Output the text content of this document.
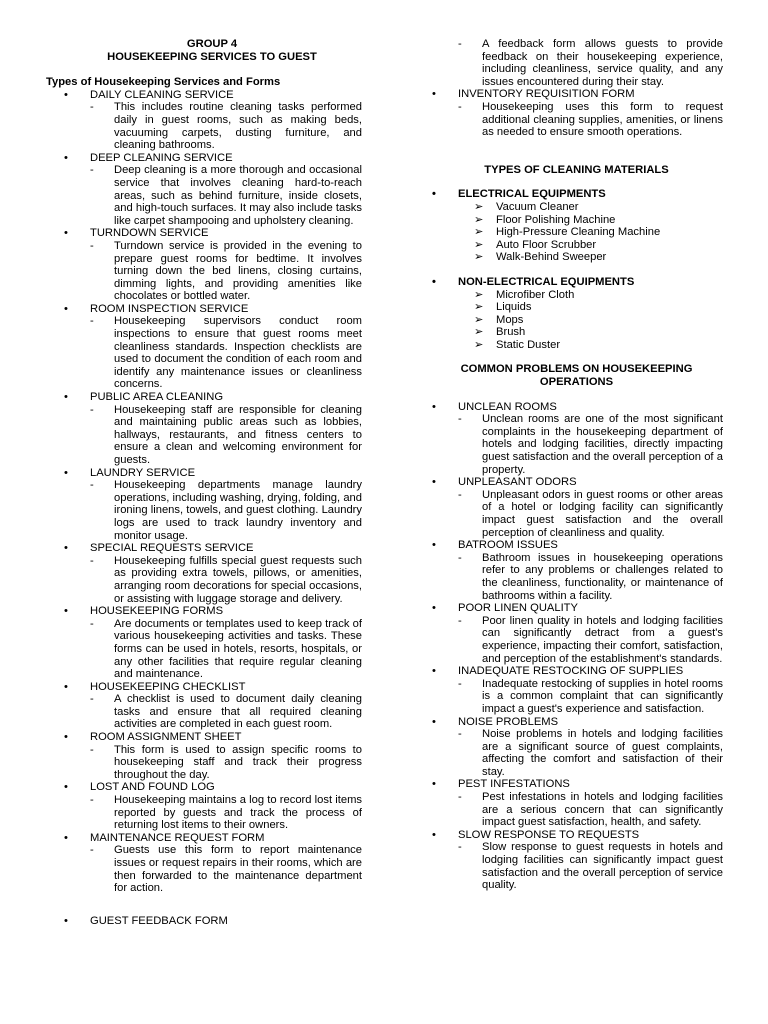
GROUP 4

HOUSEKEEPING SERVICES TO GUEST

Types of Housekeeping Services and Forms

• DAILY CLEANING SERVICE
- This includes routine cleaning tasks performed daily in guest rooms, such as making beds, vacuuming carpets, dusting furniture, and cleaning bathrooms.
• DEEP CLEANING SERVICE
- Deep cleaning is a more thorough and occasional service that involves cleaning hard-to-reach areas, such as behind furniture, inside closets, and high-touch surfaces. It may also include tasks like carpet shampooing and upholstery cleaning.
• TURNDOWN SERVICE
- Turndown service is provided in the evening to prepare guest rooms for bedtime. It involves turning down the bed linens, closing curtains, dimming lights, and providing amenities like chocolates or bottled water.
• ROOM INSPECTION SERVICE
- Housekeeping supervisors conduct room inspections to ensure that guest rooms meet cleanliness standards. Inspection checklists are used to document the condition of each room and identify any maintenance issues or cleanliness concerns.
• PUBLIC AREA CLEANING
- Housekeeping staff are responsible for cleaning and maintaining public areas such as lobbies, hallways, restaurants, and fitness centers to ensure a clean and welcoming environment for guests.
• LAUNDRY SERVICE
- Housekeeping departments manage laundry operations, including washing, drying, folding, and ironing linens, towels, and guest clothing. Laundry logs are used to track laundry inventory and monitor usage.
• SPECIAL REQUESTS SERVICE
- Housekeeping fulfills special guest requests such as providing extra towels, pillows, or amenities, arranging room decorations for special occasions, or assisting with luggage storage and delivery.
• HOUSEKEEPING FORMS
- Are documents or templates used to keep track of various housekeeping activities and tasks. These forms can be used in hotels, resorts, hospitals, or any other facilities that require regular cleaning and maintenance.
• HOUSEKEEPING CHECKLIST
- A checklist is used to document daily cleaning tasks and ensure that all required cleaning activities are completed in each guest room.
• ROOM ASSIGNMENT SHEET
- This form is used to assign specific rooms to housekeeping staff and track their progress throughout the day.
• LOST AND FOUND LOG
- Housekeeping maintains a log to record lost items reported by guests and track the process of returning lost items to their owners.
• MAINTENANCE REQUEST FORM
- Guests use this form to report maintenance issues or request repairs in their rooms, which are then forwarded to the maintenance department for action.
• GUEST FEEDBACK FORM
- A feedback form allows guests to provide feedback on their housekeeping experience, including cleanliness, service quality, and any issues encountered during their stay.
• INVENTORY REQUISITION FORM
- Housekeeping uses this form to request additional cleaning supplies, amenities, or linens as needed to ensure smooth operations.
TYPES OF CLEANING MATERIALS
• ELECTRICAL EQUIPMENTS
➢ Vacuum Cleaner
➢ Floor Polishing Machine
➢ High-Pressure Cleaning Machine
➢ Auto Floor Scrubber
➢ Walk-Behind Sweeper
• NON-ELECTRICAL EQUIPMENTS
➢ Microfiber Cloth
➢ Liquids
➢ Mops
➢ Brush
➢ Static Duster
COMMON PROBLEMS ON HOUSEKEEPING
OPERATIONS
• UNCLEAN ROOMS
- Unclean rooms are one of the most significant complaints in the housekeeping department of hotels and lodging facilities, directly impacting guest satisfaction and the overall perception of a property.
• UNPLEASANT ODORS
- Unpleasant odors in guest rooms or other areas of a hotel or lodging facility can significantly impact guest satisfaction and the overall perception of cleanliness and quality.
• BATROOM ISSUES
- Bathroom issues in housekeeping operations refer to any problems or challenges related to the cleanliness, functionality, or maintenance of bathrooms within a facility.
• POOR LINEN QUALITY
- Poor linen quality in hotels and lodging facilities can significantly detract from a guest's experience, impacting their comfort, satisfaction, and perception of the establishment's standards.
• INADEQUATE RESTOCKING OF SUPPLIES
- Inadequate restocking of supplies in hotel rooms is a common complaint that can significantly impact a guest's experience and satisfaction.
• NOISE PROBLEMS
- Noise problems in hotels and lodging facilities are a significant source of guest complaints, affecting the comfort and satisfaction of their stay.
• PEST INFESTATIONS
- Pest infestations in hotels and lodging facilities are a serious concern that can significantly impact guest satisfaction, health, and safety.
• SLOW RESPONSE TO REQUESTS
- Slow response to guest requests in hotels and lodging facilities can significantly impact guest satisfaction and the overall perception of service quality.
